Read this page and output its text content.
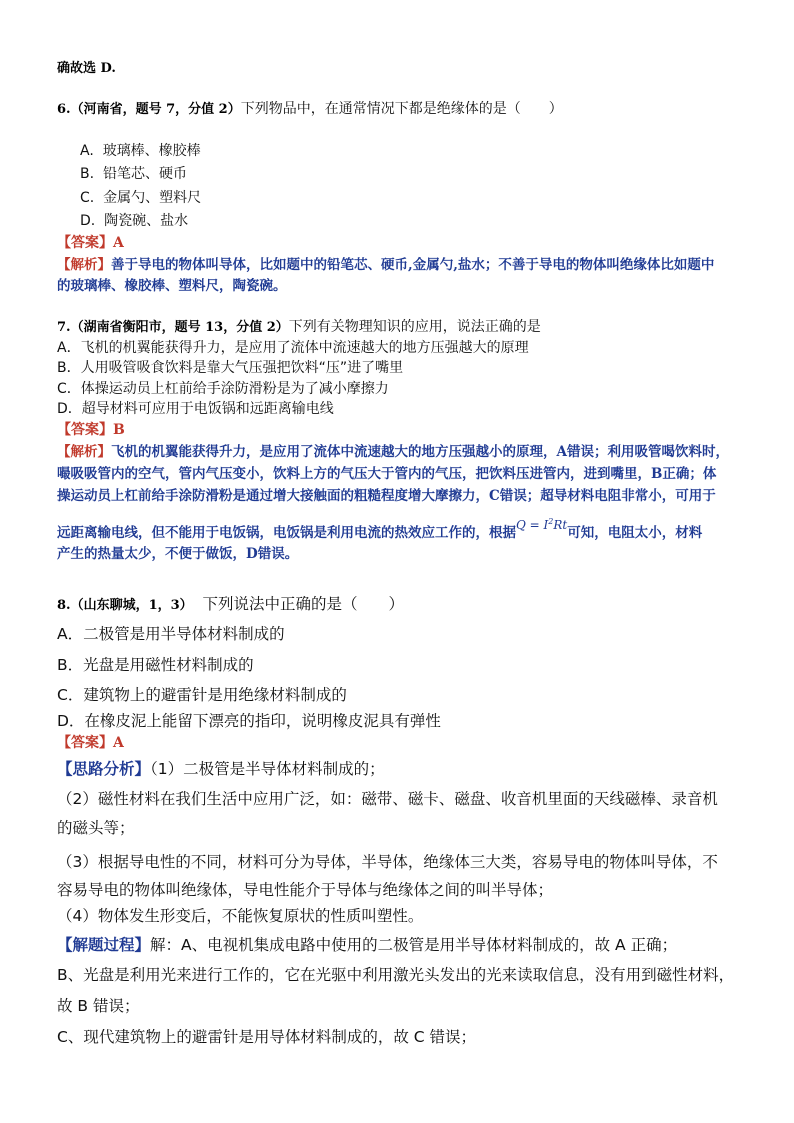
确故选 D.
6.（河南省，题号 7，分值 2）下列物品中，在通常情况下都是绝缘体的是（　　）
A. 玻璃棒、橡胶棒
B. 铅笔芯、硬币
C. 金属勺、塑料尺
D. 陶瓷碗、盐水
【答案】A
【解析】善于导电的物体叫导体，比如题中的铅笔芯、硬币,金属勺,盐水；不善于导电的物体叫绝缘体比如题中
的玻璃棒、橡胶棒、塑料尺，陶瓷碗。
7.（湖南省衡阳市，题号 13，分值 2）下列有关物理知识的应用，说法正确的是
A．飞机的机翼能获得升力，是应用了流体中流速越大的地方压强越大的原理
B．人用吸管吸食饮料是靠大气压强把饮料“压”进了嘴里
C．体操运动员上杠前给手涂防滑粉是为了减小摩擦力
D．超导材料可应用于电饭锅和远距离输电线
【答案】B
【解析】飞机的机翼能获得升力，是应用了流体中流速越大的地方压强越小的原理，A错误；利用吸管喝饮料时，
嘬吸吸管内的空气，管内气压变小，饮料上方的气压大于管内的气压，把饮料压进管内，进到嘴里，B正确；体
操运动员上杠前给手涂防滑粉是通过增大接触面的粗糙程度增大摩擦力，C错误；超导材料电阻非常小，可用于
远距离输电线，但不能用于电饭锅，电饭锅是利用电流的热效应工作的，根据$Q = I^2Rt$可知，电阻太小，材料
产生的热量太少，不便于做饭，D错误。
8.（山东聊城，1，3） 下列说法中正确的是（　　）
A．二极管是用半导体材料制成的
B．光盘是用磁性材料制成的
C．建筑物上的避雷针是用绝缘材料制成的
D．在橡皮泥上能留下漂亮的指印，说明橡皮泥具有弹性
【答案】A
【思路分析】（1）二极管是半导体材料制成的；
（2）磁性材料在我们生活中应用广泛，如：磁带、磁卡、磁盘、收音机里面的天线磁棒、录音机
的磁头等；
（3）根据导电性的不同，材料可分为导体，半导体，绝缘体三大类，容易导电的物体叫导体，不
容易导电的物体叫绝缘体，导电性能介于导体与绝缘体之间的叫半导体；
（4）物体发生形变后，不能恢复原状的性质叫塑性。
【解题过程】解：A、电视机集成电路中使用的二极管是用半导体材料制成的，故 A 正确；
B、光盘是利用光来进行工作的，它在光驱中利用激光头发出的光来读取信息，没有用到磁性材料，
故 B 错误；
C、现代建筑物上的避雷针是用导体材料制成的，故 C 错误；
